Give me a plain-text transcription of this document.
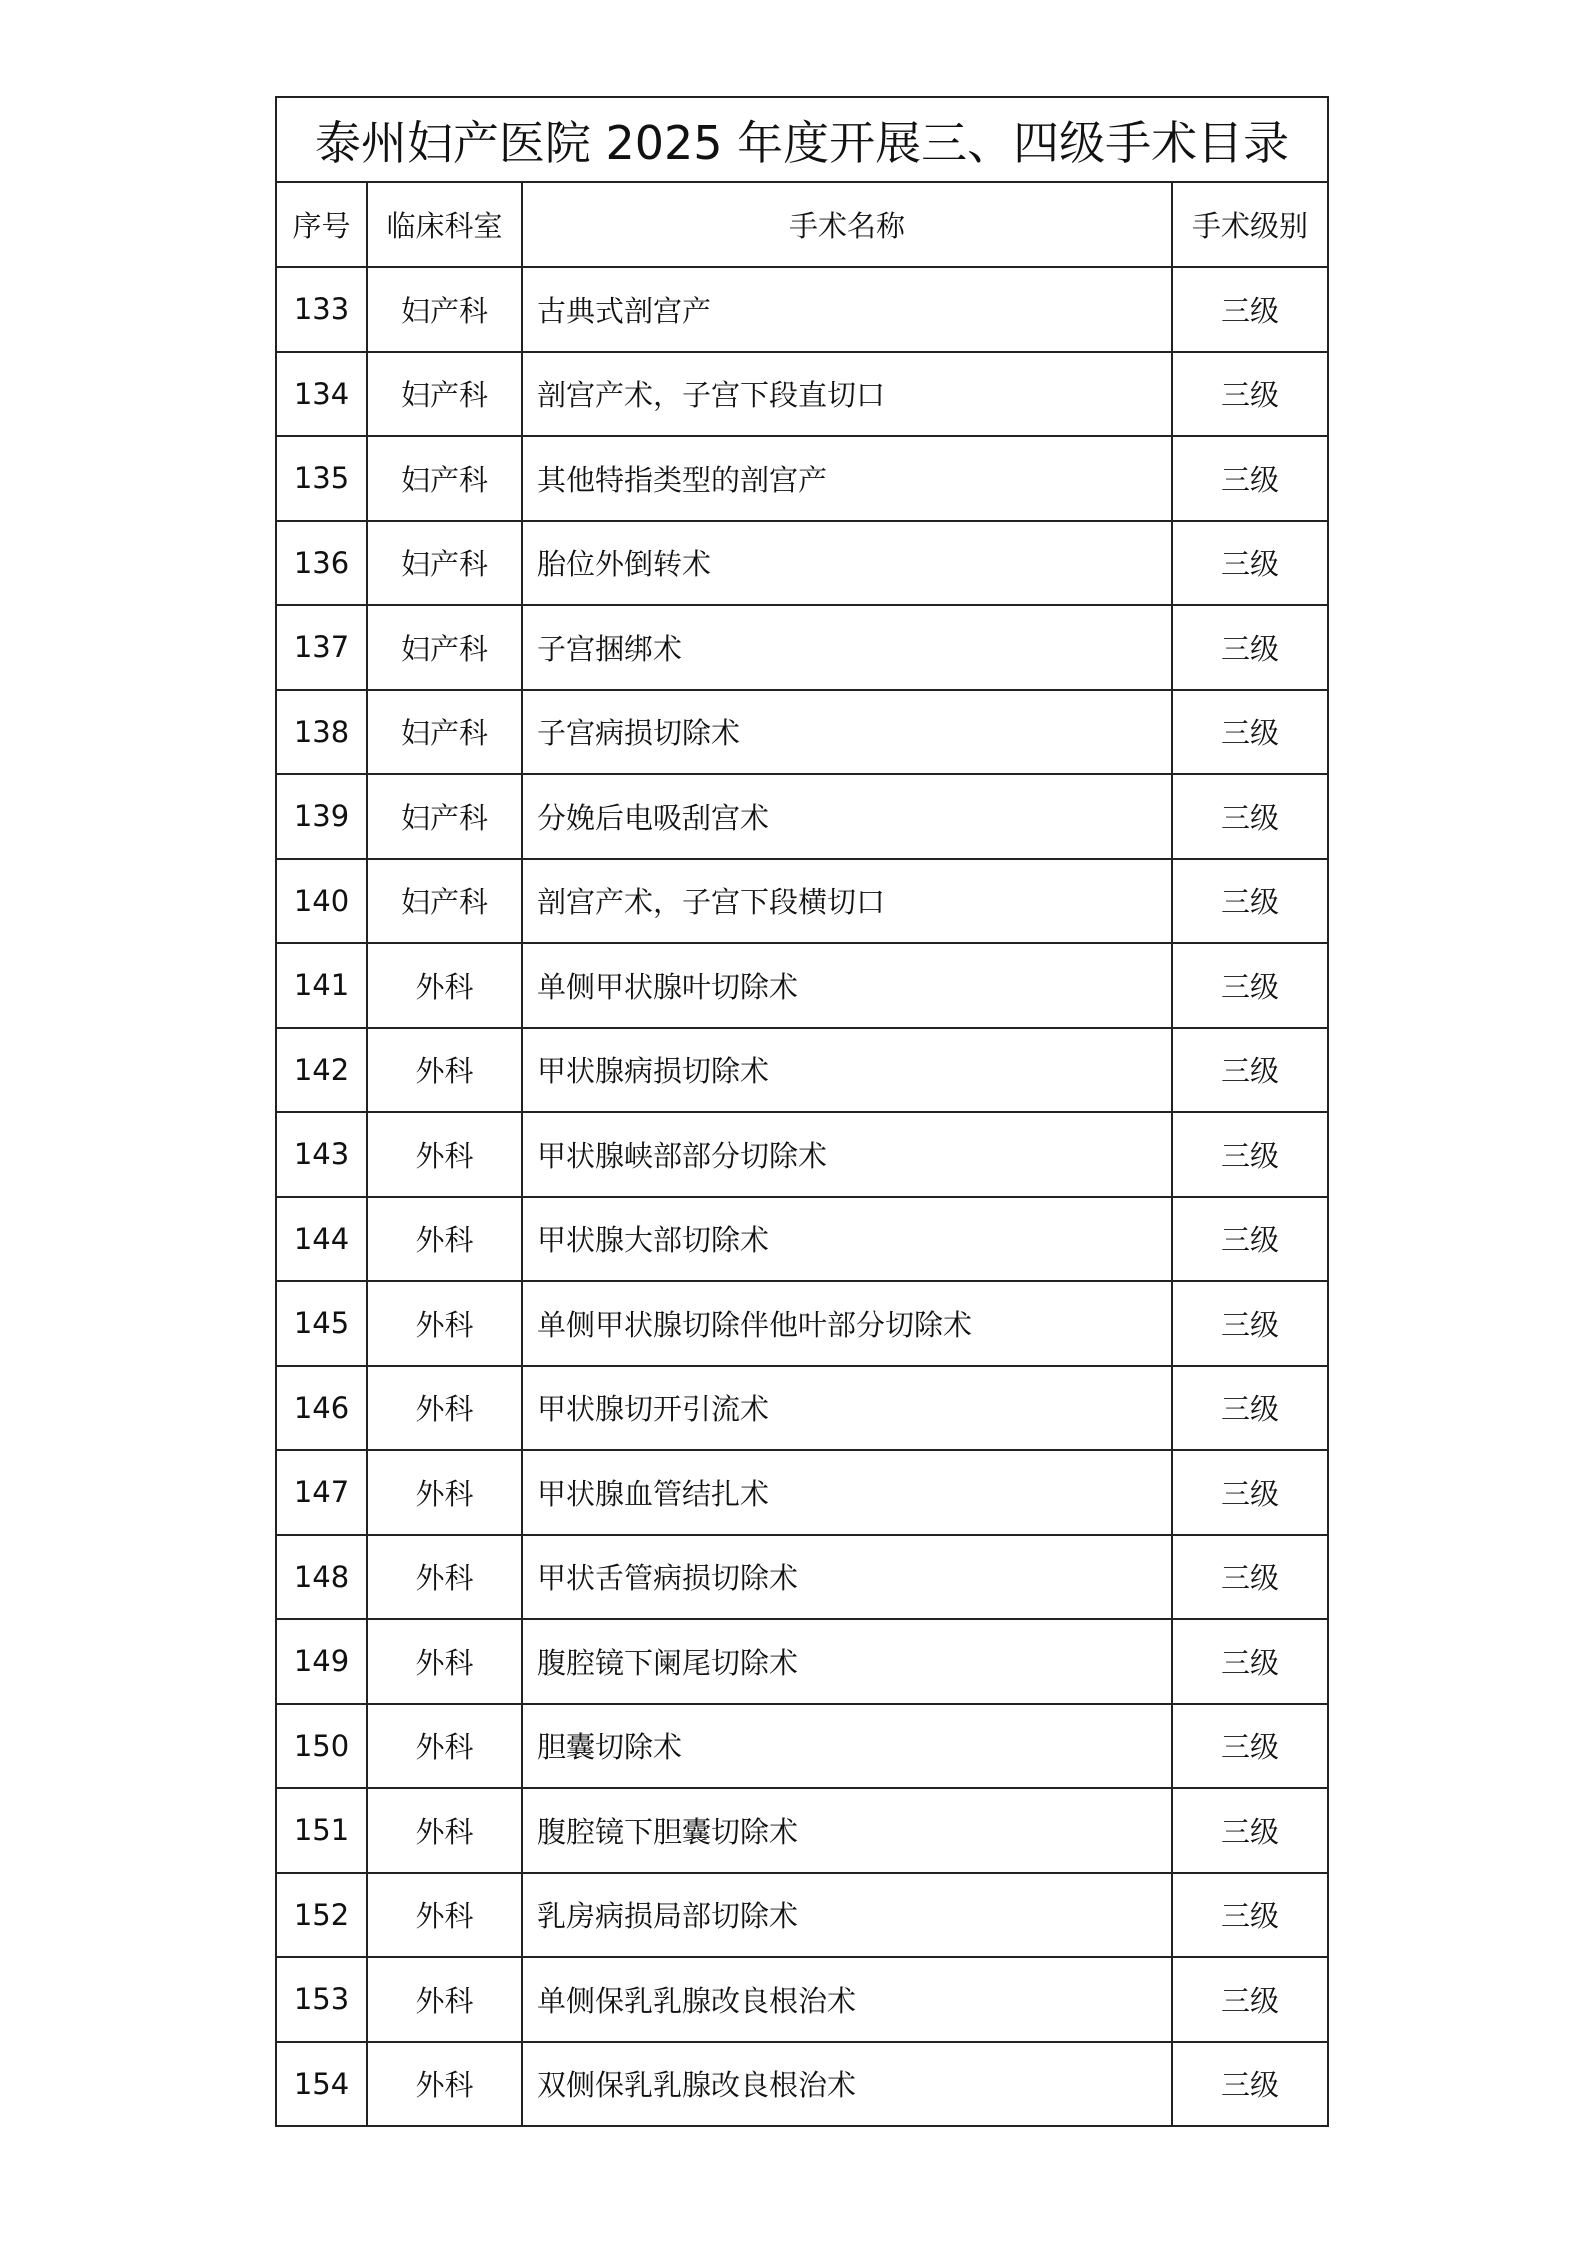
泰州妇产医院 2025 年度开展三、四级手术目录			
序号	临床科室	手术名称	手术级别
133	妇产科	古典式剖宫产	三级
134	妇产科	剖宫产术，子宫下段直切口	三级
135	妇产科	其他特指类型的剖宫产	三级
136	妇产科	胎位外倒转术	三级
137	妇产科	子宫捆绑术	三级
138	妇产科	子宫病损切除术	三级
139	妇产科	分娩后电吸刮宫术	三级
140	妇产科	剖宫产术，子宫下段横切口	三级
141	外科	单侧甲状腺叶切除术	三级
142	外科	甲状腺病损切除术	三级
143	外科	甲状腺峡部部分切除术	三级
144	外科	甲状腺大部切除术	三级
145	外科	单侧甲状腺切除伴他叶部分切除术	三级
146	外科	甲状腺切开引流术	三级
147	外科	甲状腺血管结扎术	三级
148	外科	甲状舌管病损切除术	三级
149	外科	腹腔镜下阑尾切除术	三级
150	外科	胆囊切除术	三级
151	外科	腹腔镜下胆囊切除术	三级
152	外科	乳房病损局部切除术	三级
153	外科	单侧保乳乳腺改良根治术	三级
154	外科	双侧保乳乳腺改良根治术	三级
